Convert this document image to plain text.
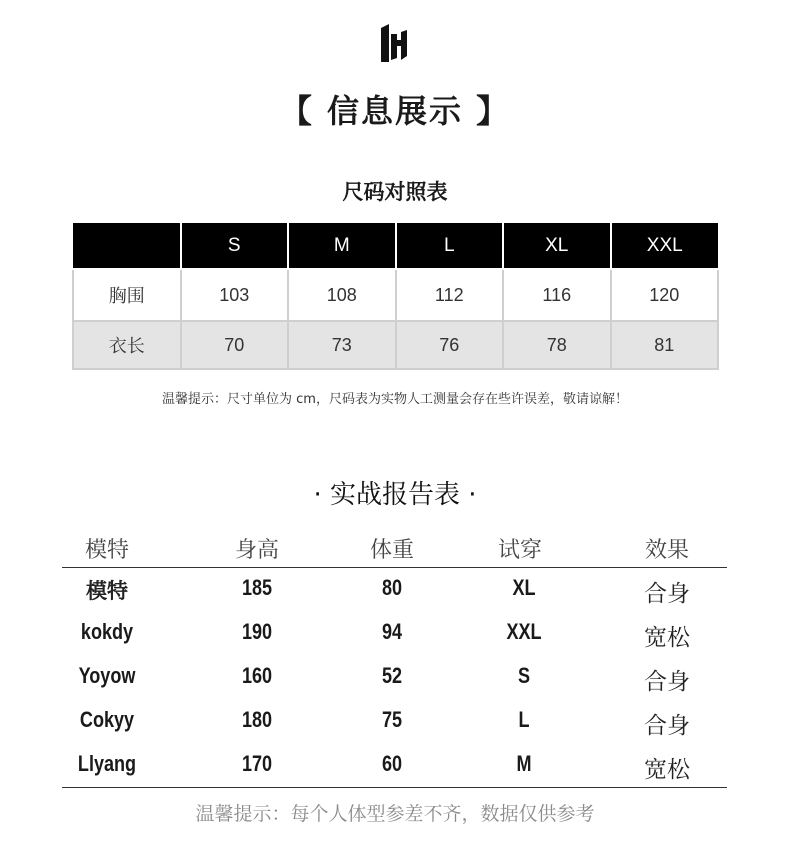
【 信息展示 】
尺码对照表
	S	M	L	XL	XXL
胸围	103	108	112	116	120
衣长	70	73	76	78	81
温馨提示：尺寸单位为 cm，尺码表为实物人工测量会存在些许误差，敬请谅解！
· 实战报告表 ·
模特	身高	体重	试穿	效果
模特	185	80	XL	合身
kokdy	190	94	XXL	宽松
Yoyow	160	52	S	合身
Cokyy	180	75	L	合身
Llyang	170	60	M	宽松
温馨提示：每个人体型参差不齐，数据仅供参考
